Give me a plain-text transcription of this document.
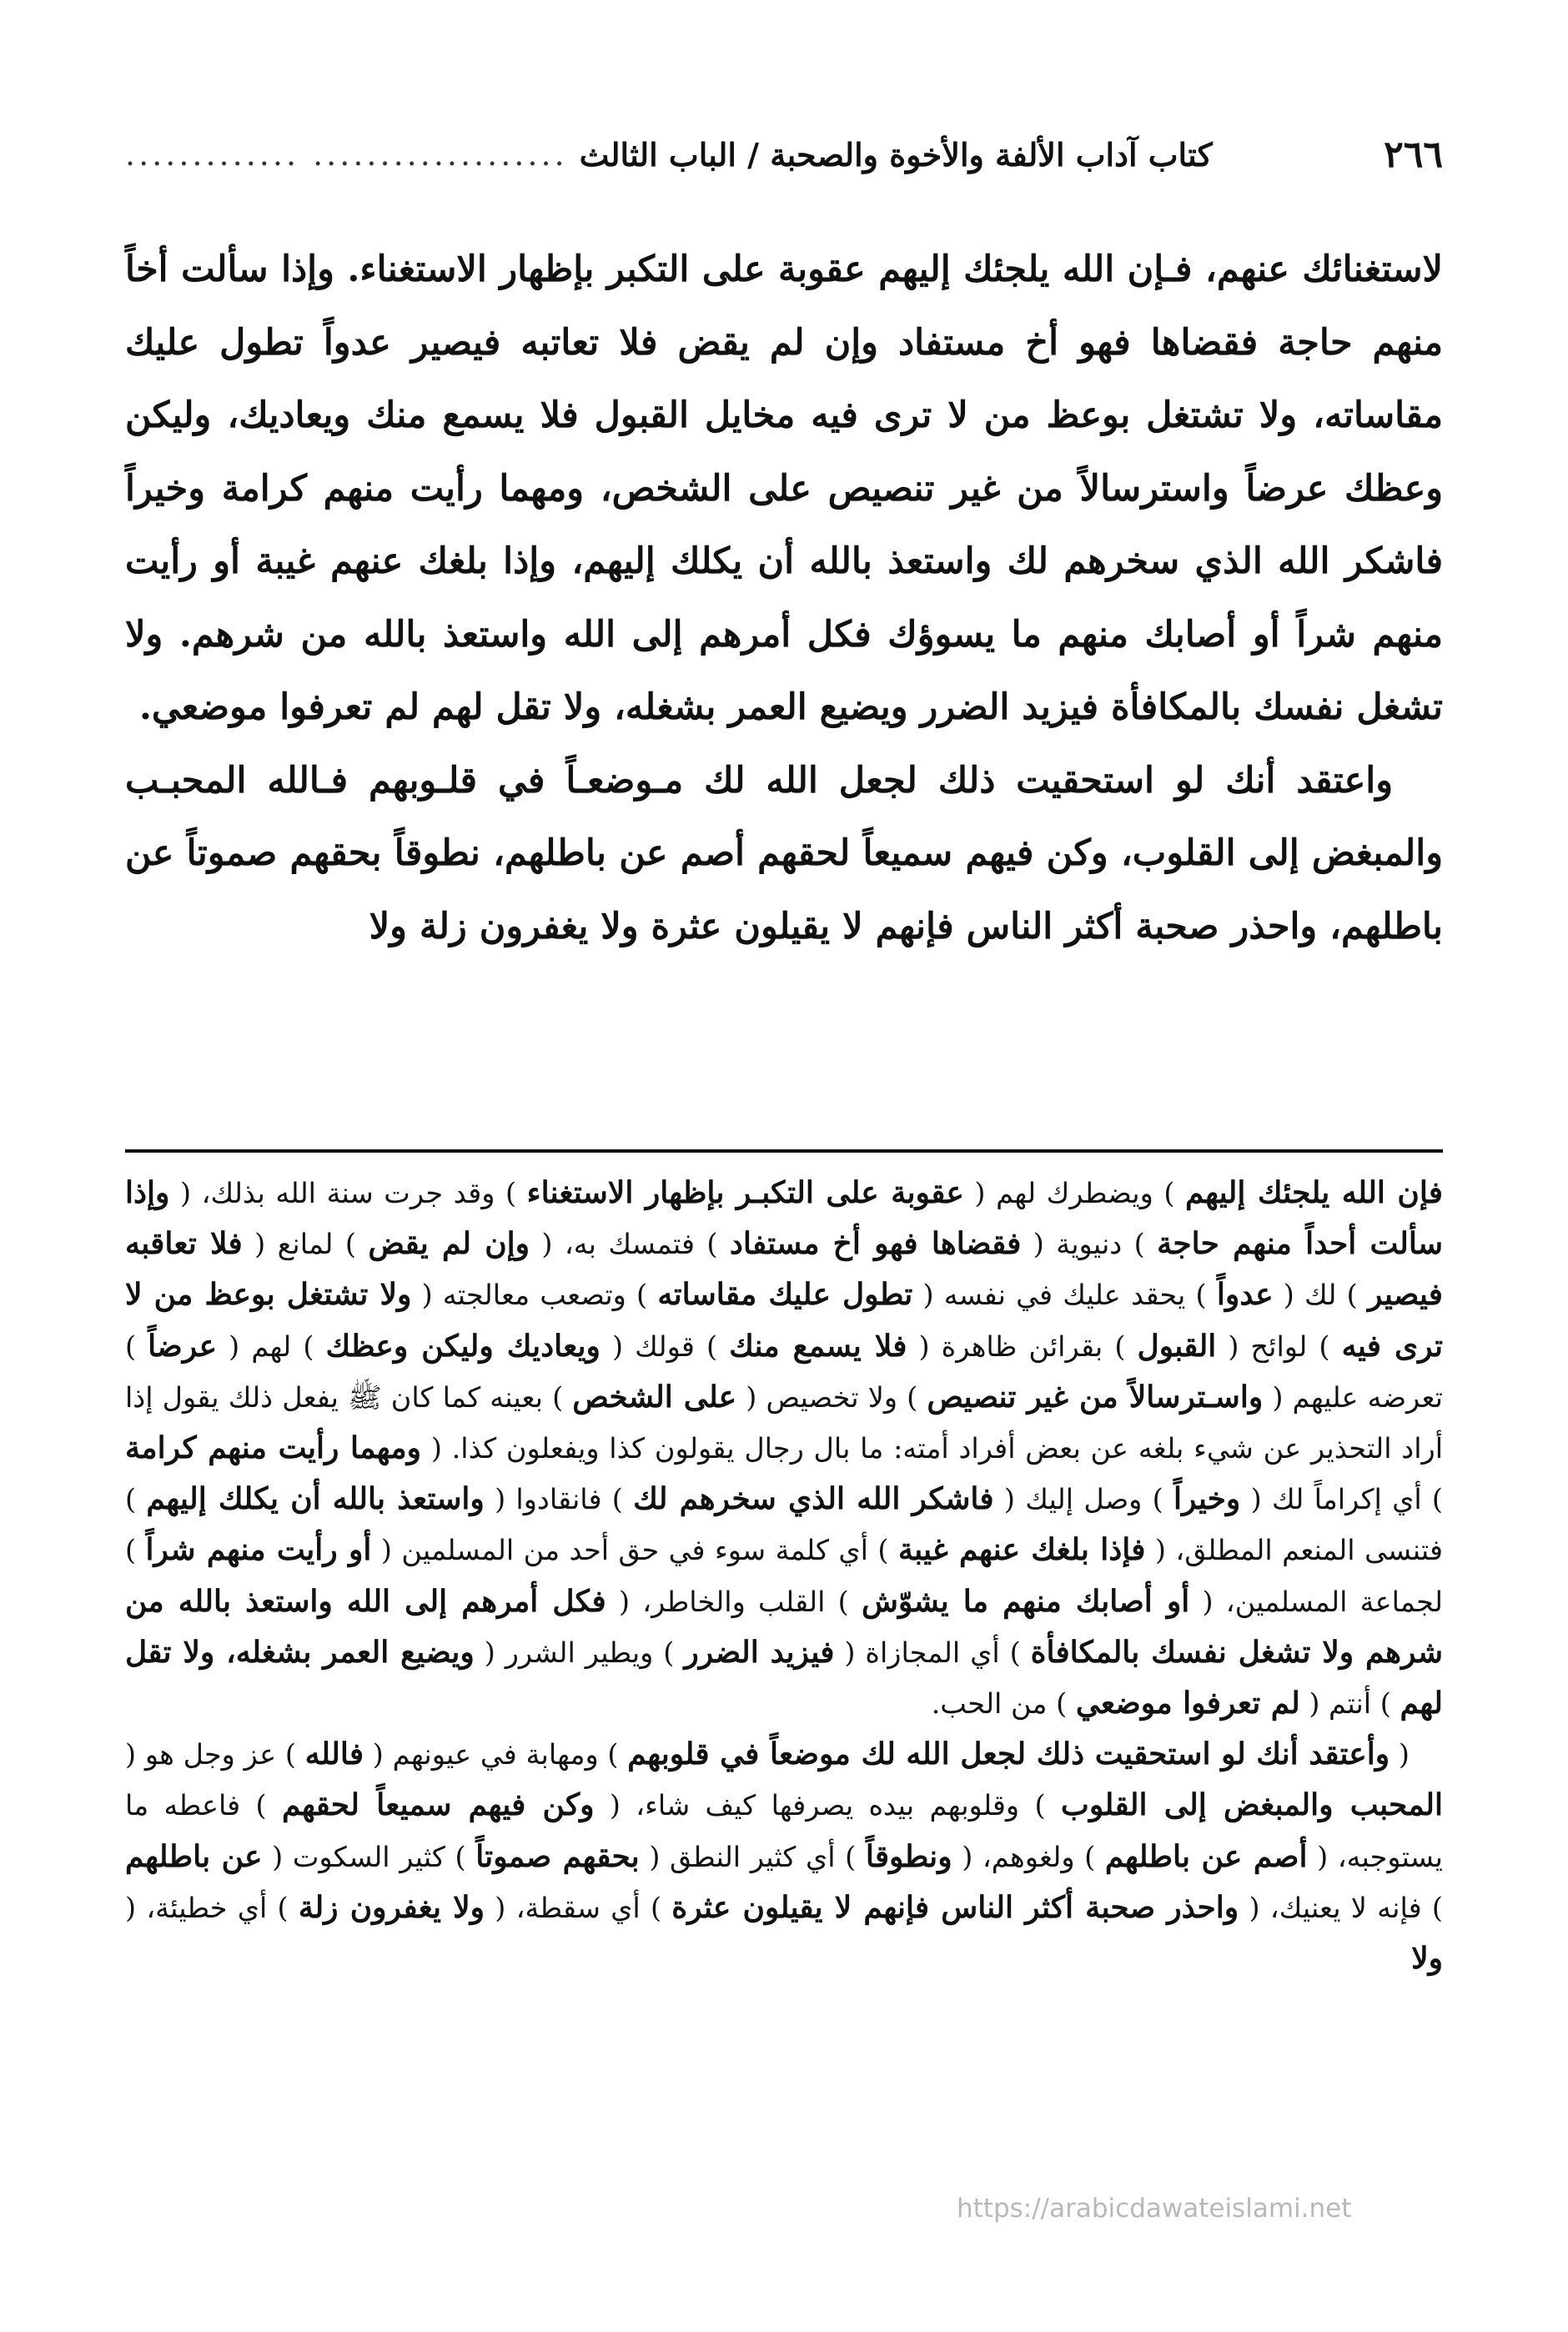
٢٦٦
كتاب آداب الألفة والأخوة والصحبة / الباب الثالث
................... .............

لاستغنائك عنهم، فـإن الله يلجئك إليهم عقوبة على التكبر بإظهار الاستغناء. وإذا سألت أخاً منهم حاجة فقضاها فهو أخ مستفاد وإن لم يقض فلا تعاتبه فيصير عدواً تطول عليك مقاساته، ولا تشتغل بوعظ من لا ترى فيه مخايل القبول فلا يسمع منك ويعاديك، وليكن وعظك عرضاً واسترسالاً من غير تنصيص على الشخص، ومهما رأيت منهم كرامة وخيراً فاشكر الله الذي سخرهم لك واستعذ بالله أن يكلك إليهم، وإذا بلغك عنهم غيبة أو رأيت منهم شراً أو أصابك منهم ما يسوؤك فكل أمرهم إلى الله واستعذ بالله من شرهم. ولا تشغل نفسك بالمكافأة فيزيد الضرر ويضيع العمر بشغله، ولا تقل لهم لم تعرفوا موضعي.

واعتقد أنك لو استحقيت ذلك لجعل الله لك مـوضعـاً في قلـوبهم فـالله المحبـب والمبغض إلى القلوب، وكن فيهم سميعاً لحقهم أصم عن باطلهم، نطوقاً بحقهم صموتاً عن باطلهم، واحذر صحبة أكثر الناس فإنهم لا يقيلون عثرة ولا يغفرون زلة ولا

فإن الله يلجئك إليهم ) ويضطرك لهم ( عقوبة على التكبـر بإظهار الاستغناء ) وقد جرت سنة الله بذلك، ( وإذا سألت أحداً منهم حاجة ) دنيوية ( فقضاها فهو أخ مستفاد ) فتمسك به، ( وإن لم يقض ) لمانع ( فلا تعاقبه فيصير ) لك ( عدواً ) يحقد عليك في نفسه ( تطول عليك مقاساته ) وتصعب معالجته ( ولا تشتغل بوعظ من لا ترى فيه ) لوائح ( القبول ) بقرائن ظاهرة ( فلا يسمع منك ) قولك ( ويعاديك وليكن وعظك ) لهم ( عرضاً ) تعرضه عليهم ( واسـترسالاً من غير تنصيص ) ولا تخصيص ( على الشخص ) بعينه كما كان ﷺ يفعل ذلك يقول إذا أراد التحذير عن شيء بلغه عن بعض أفراد أمته: ما بال رجال يقولون كذا ويفعلون كذا. ( ومهما رأيت منهم كرامة ) أي إكراماً لك ( وخيراً ) وصل إليك ( فاشكر الله الذي سخرهم لك ) فانقادوا ( واستعذ بالله أن يكلك إليهم ) فتنسى المنعم المطلق، ( فإذا بلغك عنهم غيبة ) أي كلمة سوء في حق أحد من المسلمين ( أو رأيت منهم شراً ) لجماعة المسلمين، ( أو أصابك منهم ما يشوّش ) القلب والخاطر، ( فكل أمرهم إلى الله واستعذ بالله من شرهم ولا تشغل نفسك بالمكافأة ) أي المجازاة ( فيزيد الضرر ) ويطير الشرر ( ويضيع العمر بشغله، ولا تقل لهم ) أنتم ( لم تعرفوا موضعي ) من الحب.

( وأعتقد أنك لو استحقيت ذلك لجعل الله لك موضعاً في قلوبهم ) ومهابة في عيونهم ( فالله ) عز وجل هو ( المحبب والمبغض إلى القلوب ) وقلوبهم بيده يصرفها كيف شاء، ( وكن فيهم سميعاً لحقهم ) فاعطه ما يستوجبه، ( أصم عن باطلهم ) ولغوهم، ( ونطوقاً ) أي كثير النطق ( بحقهم صموتاً ) كثير السكوت ( عن باطلهم ) فإنه لا يعنيك، ( واحذر صحبة أكثر الناس فإنهم لا يقيلون عثرة ) أي سقطة، ( ولا يغفرون زلة ) أي خطيئة، ( ولا

https://arabicdawateislami.net
